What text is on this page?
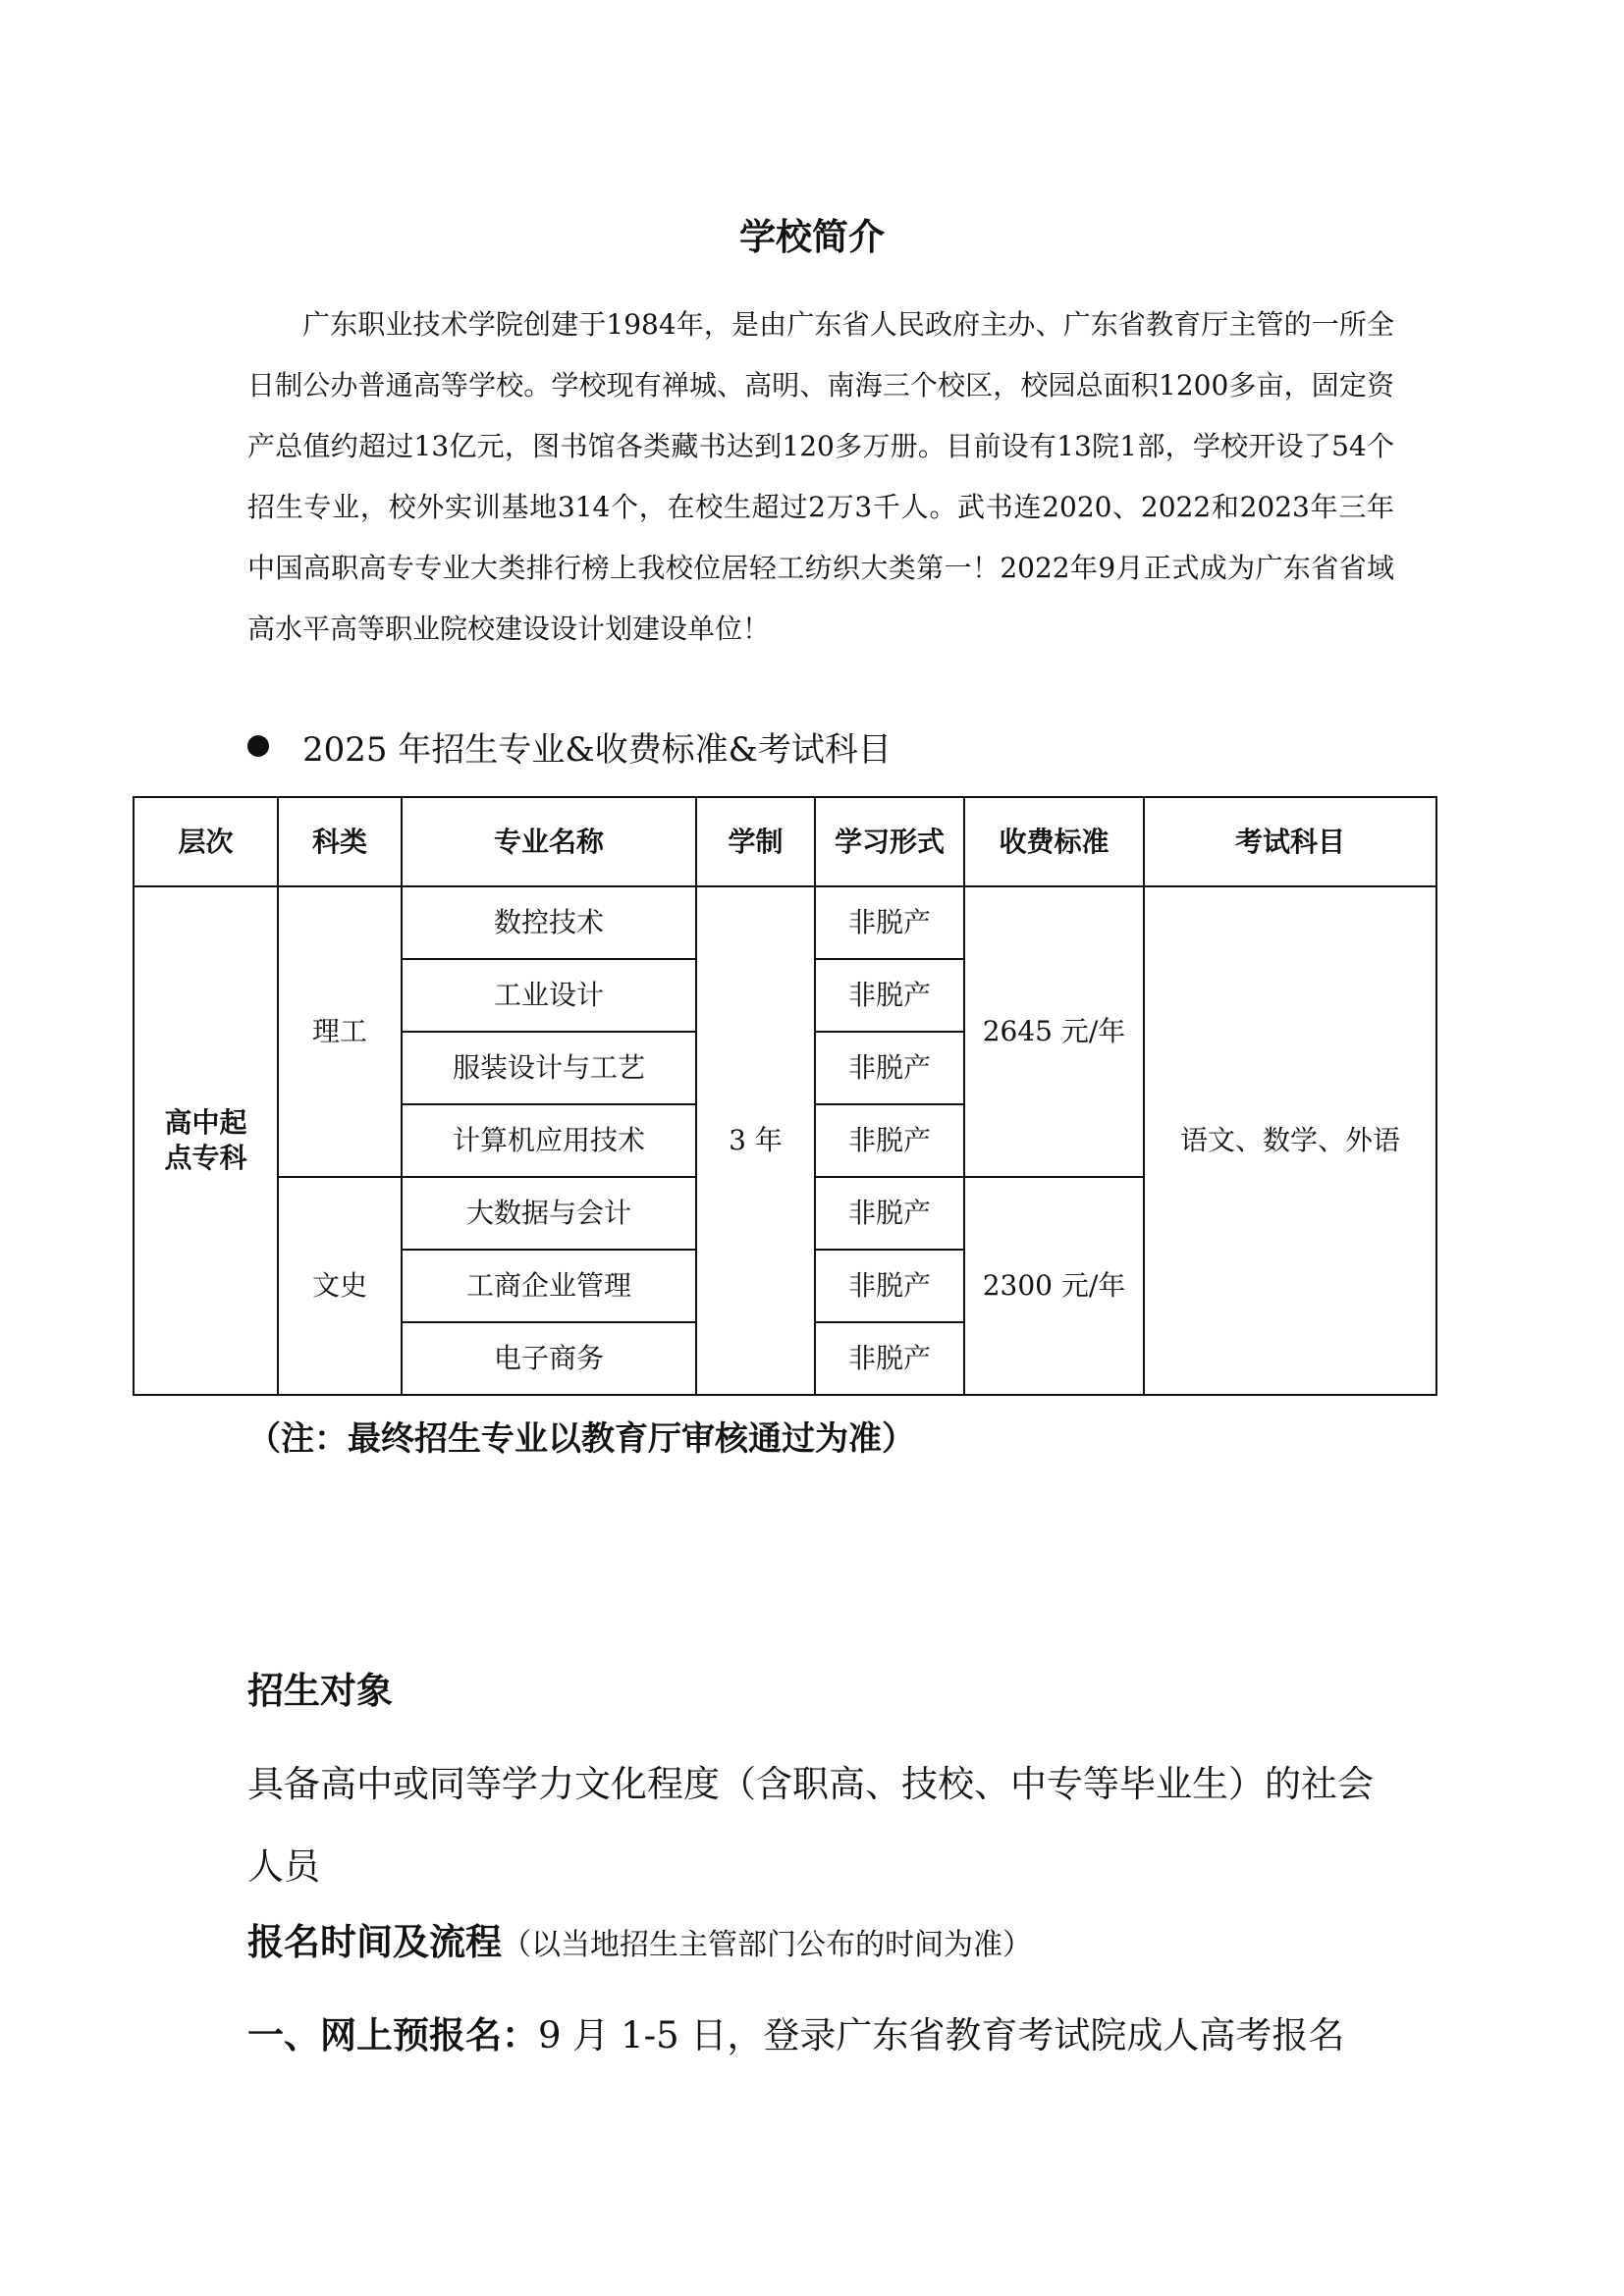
学校简介

广东职业技术学院创建于1984年，是由广东省人民政府主办、广东省教育厅主管的一所全日制公办普通高等学校。学校现有禅城、高明、南海三个校区，校园总面积1200多亩，固定资产总值约超过13亿元，图书馆各类藏书达到120多万册。目前设有13院1部，学校开设了54个招生专业，校外实训基地314个，在校生超过2万3千人。武书连2020、2022和2023年三年中国高职高专专业大类排行榜上我校位居轻工纺织大类第一！2022年9月正式成为广东省省域高水平高等职业院校建设设计划建设单位！

2025 年招生专业&收费标准&考试科目
层次	科类	专业名称	学制	学习形式	收费标准	考试科目
高中起点专科	理工	数控技术	3 年	非脱产	2645 元/年	语文、数学、外语
		工业设计		非脱产		
		服装设计与工艺		非脱产		
		计算机应用技术		非脱产		
	文史	大数据与会计		非脱产	2300 元/年	
		工商企业管理		非脱产		
		电子商务		非脱产		
（注：最终招生专业以教育厅审核通过为准）
招生对象

具备高中或同等学力文化程度（含职高、技校、中专等毕业生）的社会人员

报名时间及流程（以当地招生主管部门公布的时间为准）
一、网上预报名：9 月 1-5 日，登录广东省教育考试院成人高考报名
